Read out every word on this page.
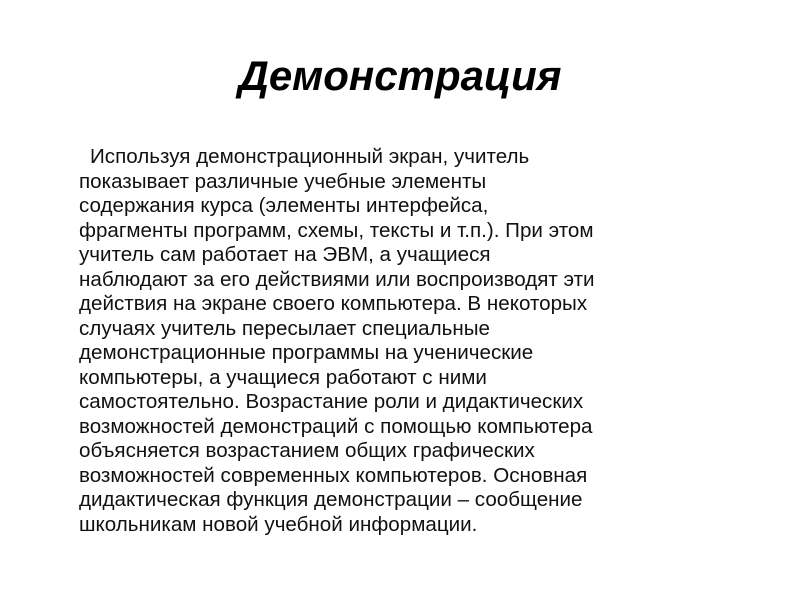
Демонстрация
Используя демонстрационный экран, учитель
показывает различные учебные элементы
содержания курса (элементы интерфейса,
фрагменты программ, схемы, тексты и т.п.). При этом
учитель сам работает на ЭВМ, а учащиеся
наблюдают за его действиями или воспроизводят эти
действия на экране своего компьютера. В некоторых
случаях учитель пересылает специальные
демонстрационные программы на ученические
компьютеры, а учащиеся работают с ними
самостоятельно. Возрастание роли и дидактических
возможностей демонстраций с помощью компьютера
объясняется возрастанием общих графических
возможностей современных компьютеров. Основная
дидактическая функция демонстрации – сообщение
школьникам новой учебной информации.
